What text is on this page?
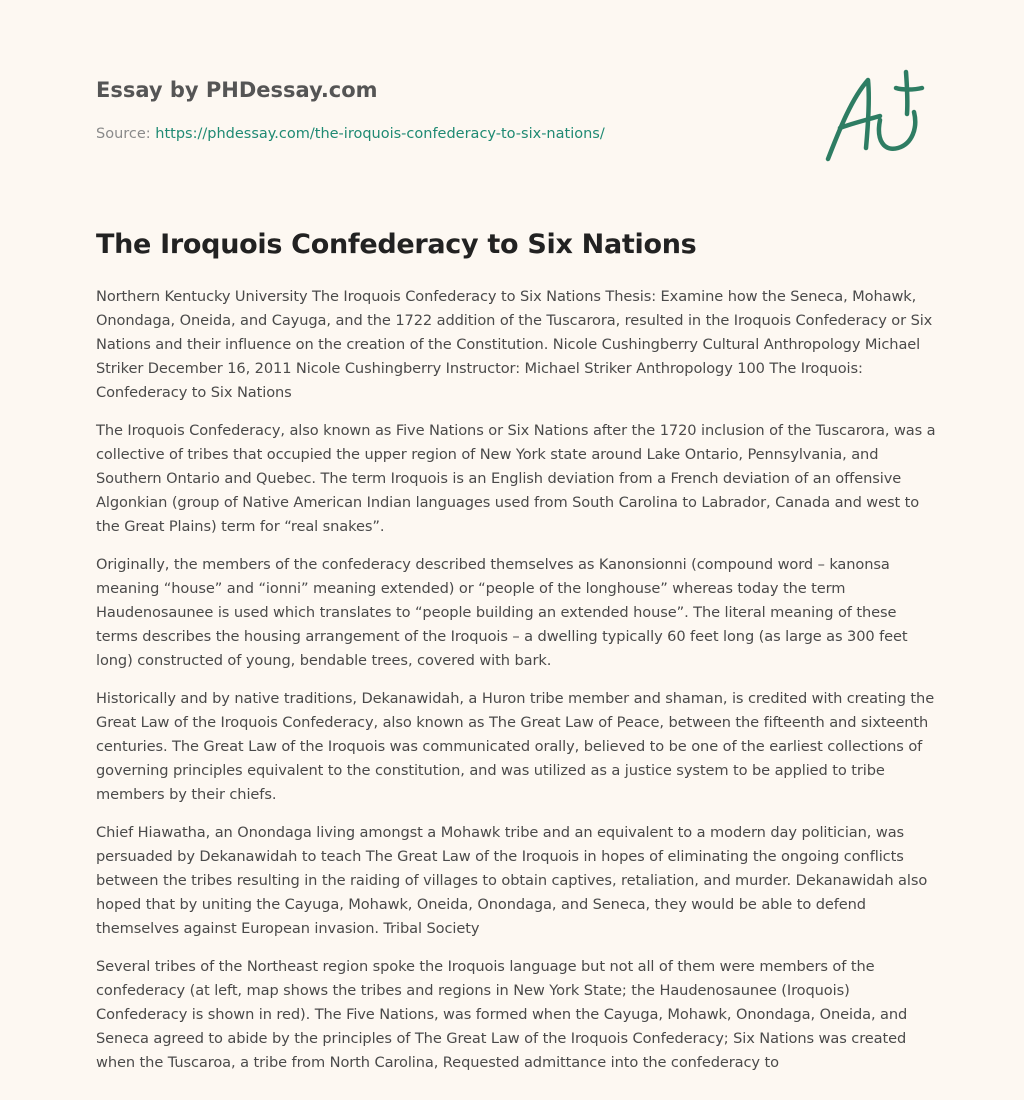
Essay by PHDessay.com
Source: https://phdessay.com/the-iroquois-confederacy-to-six-nations/
The Iroquois Confederacy to Six Nations

Northern Kentucky University The Iroquois Confederacy to Six Nations Thesis: Examine how the Seneca, Mohawk, Onondaga, Oneida, and Cayuga, and the 1722 addition of the Tuscarora, resulted in the Iroquois Confederacy or Six Nations and their influence on the creation of the Constitution. Nicole Cushingberry Cultural Anthropology Michael Striker December 16, 2011 Nicole Cushingberry Instructor: Michael Striker Anthropology 100 The Iroquois: Confederacy to Six Nations

The Iroquois Confederacy, also known as Five Nations or Six Nations after the 1720 inclusion of the Tuscarora, was a collective of tribes that occupied the upper region of New York state around Lake Ontario, Pennsylvania, and Southern Ontario and Quebec. The term Iroquois is an English deviation from a French deviation of an offensive Algonkian (group of Native American Indian languages used from South Carolina to Labrador, Canada and west to the Great Plains) term for “real snakes”.

Originally, the members of the confederacy described themselves as Kanonsionni (compound word – kanonsa meaning “house” and “ionni” meaning extended) or “people of the longhouse” whereas today the term Haudenosaunee is used which translates to “people building an extended house”. The literal meaning of these terms describes the housing arrangement of the Iroquois – a dwelling typically 60 feet long (as large as 300 feet long) constructed of young, bendable trees, covered with bark.

Historically and by native traditions, Dekanawidah, a Huron tribe member and shaman, is credited with creating the Great Law of the Iroquois Confederacy, also known as The Great Law of Peace, between the fifteenth and sixteenth centuries. The Great Law of the Iroquois was communicated orally, believed to be one of the earliest collections of governing principles equivalent to the constitution, and was utilized as a justice system to be applied to tribe members by their chiefs.

Chief Hiawatha, an Onondaga living amongst a Mohawk tribe and an equivalent to a modern day politician, was persuaded by Dekanawidah to teach The Great Law of the Iroquois in hopes of eliminating the ongoing conflicts between the tribes resulting in the raiding of villages to obtain captives, retaliation, and murder. Dekanawidah also hoped that by uniting the Cayuga, Mohawk, Oneida, Onondaga, and Seneca, they would be able to defend themselves against European invasion. Tribal Society

Several tribes of the Northeast region spoke the Iroquois language but not all of them were members of the confederacy (at left, map shows the tribes and regions in New York State; the Haudenosaunee (Iroquois) Confederacy is shown in red). The Five Nations, was formed when the Cayuga, Mohawk, Onondaga, Oneida, and Seneca agreed to abide by the principles of The Great Law of the Iroquois Confederacy; Six Nations was created when the Tuscaroa, a tribe from North Carolina, Requested admittance into the confederacy to
